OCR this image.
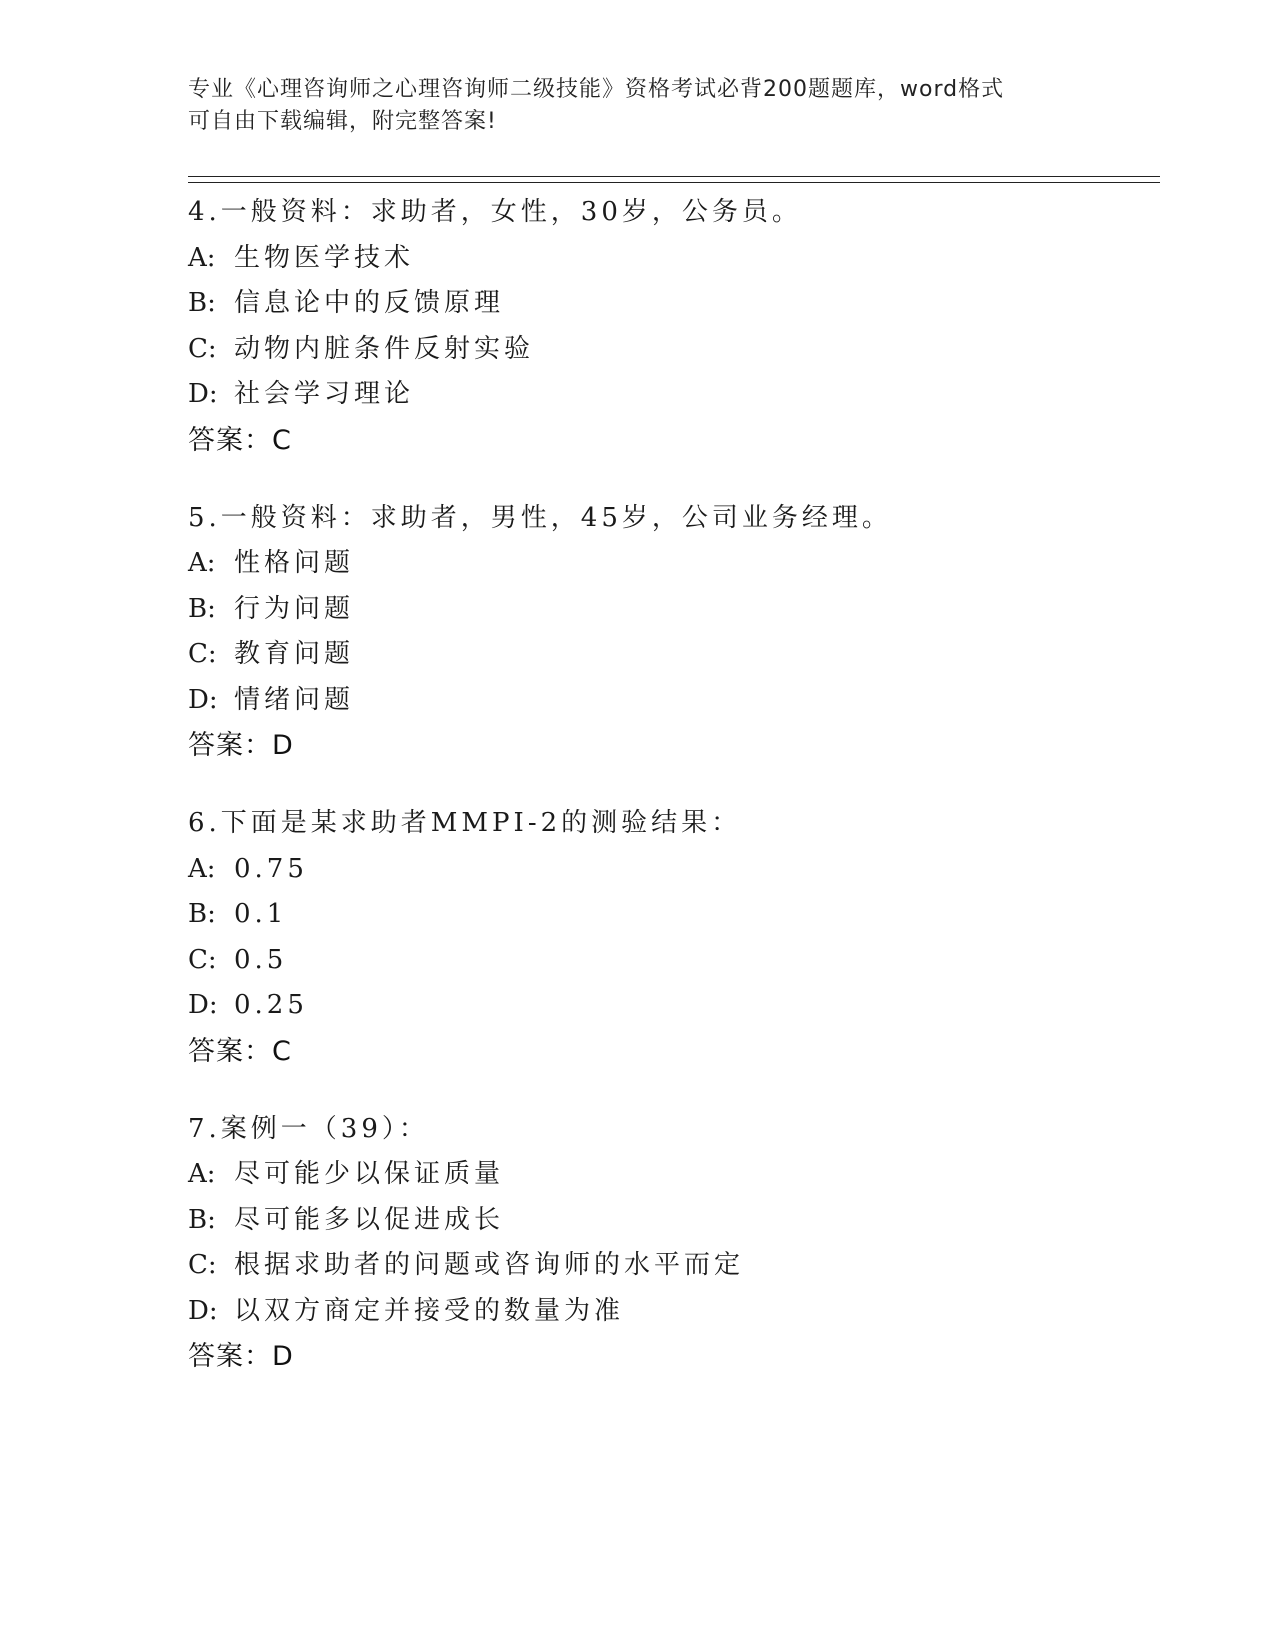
专业《心理咨询师之心理咨询师二级技能》资格考试必背200题题库，word格式
可自由下载编辑，附完整答案!
4.一般资料：求助者，女性，30岁，公务员。
A: 生物医学技术
B: 信息论中的反馈原理
C: 动物内脏条件反射实验
D: 社会学习理论
答案：C
5.一般资料：求助者，男性，45岁，公司业务经理。
A: 性格问题
B: 行为问题
C: 教育问题
D: 情绪问题
答案：D
6.下面是某求助者MMPI-2的测验结果：
A: 0.75
B: 0.1
C: 0.5
D: 0.25
答案：C
7.案例一（39）：
A: 尽可能少以保证质量
B: 尽可能多以促进成长
C: 根据求助者的问题或咨询师的水平而定
D: 以双方商定并接受的数量为准
答案：D
